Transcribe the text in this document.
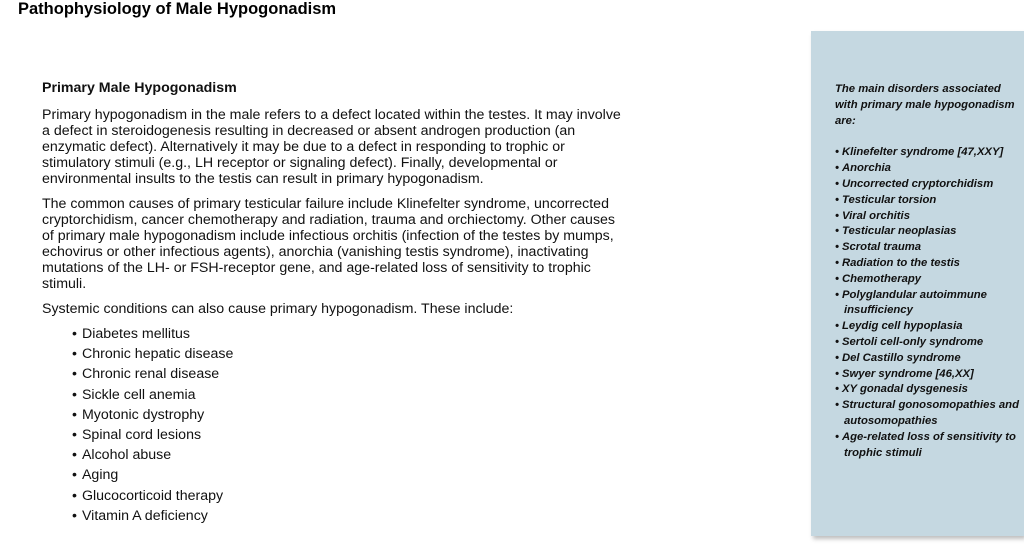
Pathophysiology of Male Hypogonadism
Primary Male Hypogonadism

Primary hypogonadism in the male refers to a defect located within the testes. It may involve a defect in steroidogenesis resulting in decreased or absent androgen production (an enzymatic defect). Alternatively it may be due to a defect in responding to trophic or stimulatory stimuli (e.g., LH receptor or signaling defect). Finally, developmental or environmental insults to the testis can result in primary hypogonadism.

The common causes of primary testicular failure include Klinefelter syndrome, uncorrected cryptorchidism, cancer chemotherapy and radiation, trauma and orchiectomy. Other causes of primary male hypogonadism include infectious orchitis (infection of the testes by mumps, echovirus or other infectious agents), anorchia (vanishing testis syndrome), inactivating mutations of the LH- or FSH-receptor gene, and age-related loss of sensitivity to trophic stimuli.

Systemic conditions can also cause primary hypogonadism. These include:

• Diabetes mellitus
• Chronic hepatic disease
• Chronic renal disease
• Sickle cell anemia
• Myotonic dystrophy
• Spinal cord lesions
• Alcohol abuse
• Aging
• Glucocorticoid therapy
• Vitamin A deficiency

The main disorders associated with primary male hypogonadism are:

• Klinefelter syndrome [47,XXY]
• Anorchia
• Uncorrected cryptorchidism
• Testicular torsion
• Viral orchitis
• Testicular neoplasias
• Scrotal trauma
• Radiation to the testis
• Chemotherapy
• Polyglandular autoimmune insufficiency
• Leydig cell hypoplasia
• Sertoli cell-only syndrome
• Del Castillo syndrome
• Swyer syndrome [46,XX]
• XY gonadal dysgenesis
• Structural gonosomopathies and autosomopathies
• Age-related loss of sensitivity to trophic stimuli
